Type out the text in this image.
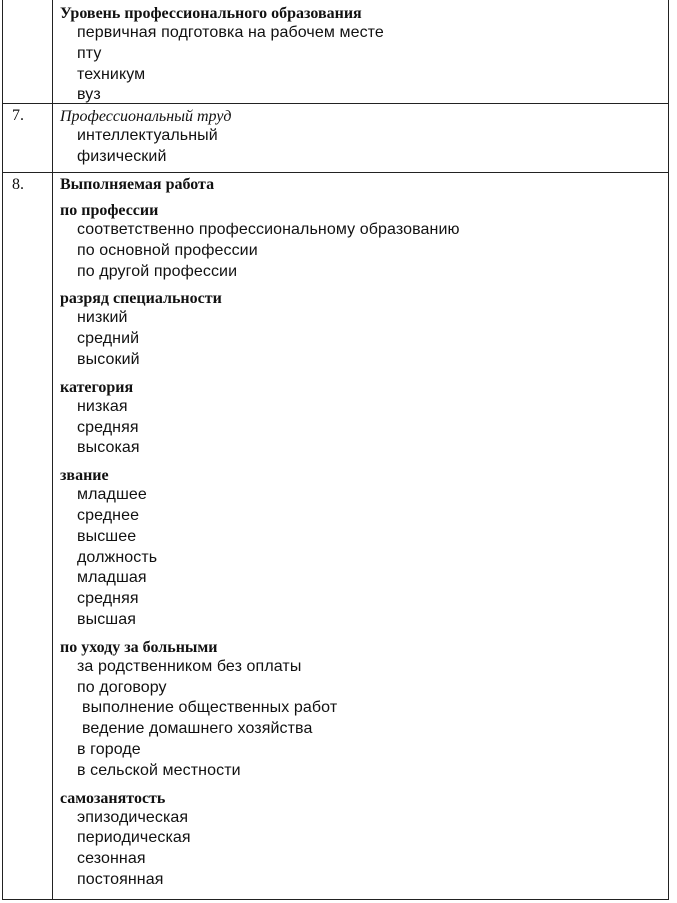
Уровень профессионального образования

первичная подготовка на рабочем месте
пту
техникум
вуз
7. Профессиональный труд

интеллектуальный
физический
8. Выполняемая работа

по профессии
соответственно профессиональному образованию
по основной профессии
по другой профессии
разряд специальности
низкий
средний
высокий
категория
низкая
средняя
высокая
звание
младшее
среднее
высшее
должность
младшая
средняя
высшая
по уходу за больными
за родственником без оплаты
по договору
выполнение общественных работ
ведение домашнего хозяйства
в городе
в сельской местности
самозанятость
эпизодическая
периодическая
сезонная
постоянная
